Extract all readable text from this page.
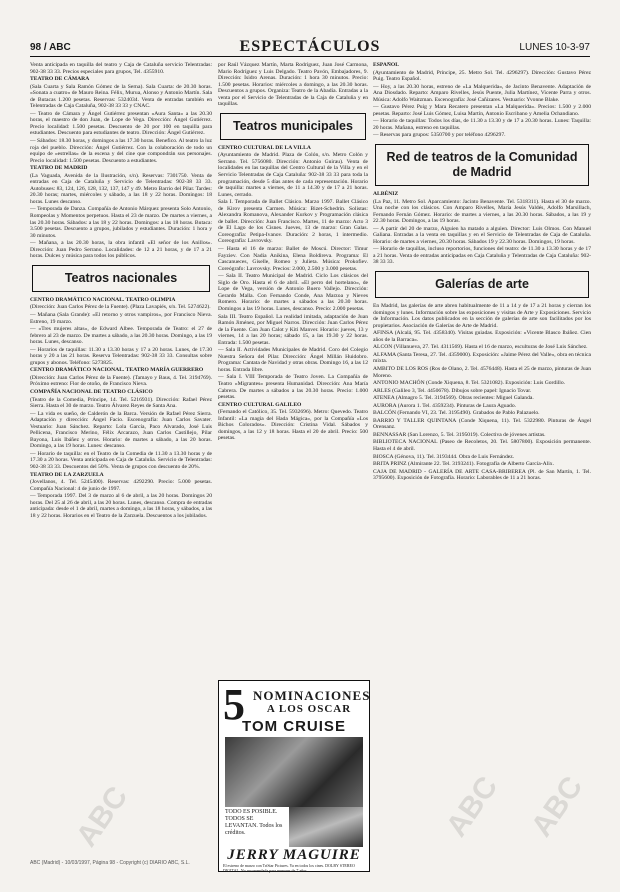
98 / ABC	ESPECTÁCULOS	LUNES 10-3-97

Venta anticipada en taquilla del teatro y Caja de Cataluña servicio Telentradas: 902-38 33 33. Precios especiales para grupos, Tel. 4355910.

TEATRO DE CÁMARA

(Sala Cuarta y Sala Ramón Gómez de la Serna). Sala Cuarta: de 20.30 horas. «Sonata a cuatro» de Mauro Reina. Félix, Murua, Alonso y Antonio Martín. Sala de Butacas 1.200 pesetas. Reservas: 5324034. Venta de entradas también en Telentradas de Caja Cataluña, 902-38 33 33 y CNAC.

— Teatro de Cámara y Ángel Gutiérrez presentan «Aura Santa» a las 20.30 horas, el maestro de don Juan, de Lope de Vega. Dirección: Ángel Gutiérrez. Precio localidad: 1.500 pesetas. Descuento de 20 por 100 en taquilla para estudiantes. Descuento para estudiantes de teatro. Dirección: Ángel Gutiérrez.

— Sábados: 18.30 horas, y domingos a las 17.30 horas. Benefico. Al teatro la luz roja del pueblo. Dirección: Ángel Gutiérrez. Con la colaboración de todo un equipo de «estrellas» de la escena y del cine que compondrán sus personajes. Precio localidad: 1.500 pesetas. Descuento a estudiantes.

TEATRO DE MADRID

(La Vaguada, Avenida de la Ilustración, s/n). Reservas: 7301750. Venta de entradas en Caja de Cataluña y Servicio de Telentradas: 902-38 33 33. Autobuses: 83, 124, 126, 128, 132, 137, 147 y 49. Metro Barrio del Pilar. Tardes: 20.30 horas; martes, miércoles y sábado, a las 18 y 22 horas. Domingos: 18 horas. Lunes descanso.

— Temporada de Danza. Compañía de Antonio Márquez presenta Solo Antonio, Rompeolas y Momentos perpetuos. Hasta el 23 de marzo. De martes a viernes, a las 20.30 horas. Sábados: a las 18 y 22 horas. Domingos: a las 18 horas. Butaca: 3.500 pesetas. Descuento a grupos, jubilados y estudiantes. Duración: 1 hora y 30 minutos.

— Mañana, a las 20.30 horas, la obra infantil «El señor de los Anillos». Dirección: Juan Pedro Serrano. Localidades: de 12 a 21 horas, y de 17 a 21 horas. Dulces y música para todos los públicos.

Teatros nacionales

CENTRO DRAMÁTICO NACIONAL. TEATRO OLIMPIA

(Dirección: Juan Carlos Pérez de la Fuente). (Plaza Lavapiés, s/n. Tel. 5274622).

— Mañana (Sala Grande): «El retorno y otros vampiros», por Francisco Nieva. Estreno, 19 marzo.

— «Tres mujeres altas», de Edward Albee. Temporada de Teatro: el 27 de febrero al 23 de marzo. De martes a sábado, a las 20.30 horas. Domingo, a las 19 horas. Lunes, descanso.

— Horarios de taquillas: 11.30 a 13.30 horas y 17 a 20 horas. Lunes, de 17.30 horas y 20 a las 21 horas. Reserva Telentradas: 902-38 33 33. Consultas sobre grupos y abonos. Teléfono: 5273825.

CENTRO DRAMÁTICO NACIONAL. TEATRO MARÍA GUERRERO

(Dirección: Juan Carlos Pérez de la Fuente). (Tamayo y Baus, 4. Tel. 3194769). Próximo estreno: Flor de otoño, de Francisco Nieva.

COMPAÑÍA NACIONAL DE TEATRO CLÁSICO

(Teatro de la Comedia, Príncipe, 14. Tel. 5216931). Dirección: Rafael Pérez Sierra. Hasta el 30 de marzo. Teatro Álvarez Reyes de Santa Ana.

— La vida es sueño, de Calderón de la Barca. Versión de Rafael Pérez Sierra. Adaptación y dirección: Ángel Facio. Escenografía: Juan Carlos Savater. Vestuario: Juan Sánchez. Reparto: Lola García, Paco Alvarado, José Luis Pellicena, Francisco Merino, Félix Arcarazo, Juan Carlos Castillejo, Pilar Bayona, Luis Ibáñez y otros. Horario: de martes a sábado, a las 20 horas. Domingo, a las 19 horas. Lunes: descanso.

— Horario de taquilla: en el Teatro de la Comedia de 11.30 a 13.30 horas y de 17.30 a 20 horas. Venta anticipada en Caja de Cataluña. Servicio de Telentradas: 902-38 33 33. Descuentos del 50%. Venta de grupos con descuento de 20%.

TEATRO DE LA ZARZUELA

(Jovellanos, 4. Tel. 5245400). Reservas: 4292290. Precio: 5.000 pesetas. Compañía Nacional: 4 de junio de 1997.

— Temporada 1997. Del 3 de marzo al 6 de abril, a las 20 horas. Domingos 20 horas. Del 25 al 26 de abril, a las 20 horas. Lunes, descanso. Compra de entradas anticipada: desde el 1 de abril, martes a domingo, a las 18 horas, y sábados, a las 18 y 22 horas. Horarios en el Teatro de la Zarzuela. Descuentos a los jubilados.

por Raúl Vázquez Martín, Marta Rodríguez, Juan José Carmona, Mario Rodríguez y Luis Delgado. Teatro Pavón, Embajadores, 9. Dirección: Isidro Arenas. Duración: 1 hora 30 minutos. Precio: 1.500 pesetas. Horarios: miércoles a domingo, a las 20.30 horas. Descuentos a grupos. Organiza: Teatro de la Abadía. Entradas a la venta por el Servicio de Telentradas de la Caja de Cataluña y en taquillas.

Teatros municipales

CENTRO CULTURAL DE LA VILLA

(Ayuntamiento de Madrid. Plaza de Colón, s/n. Metro Colón y Serrano. Tel. 5756080. Dirección: Antonio Guirau). Venta de localidades en las taquillas del Centro Cultural de la Villa y en el Servicio Telentradas de Caja Cataluña: 902-38 33 33 para toda la programación, desde 5 días antes de cada representación. Horario de taquilla: martes a viernes, de 11 a 14.30 y de 17 a 21 horas. Lunes, cerrado.

Sala I. Temporada de Ballet Clásico. Marzo 1997. Ballet Clásico de Kirov presenta Carmen. Música: Bizet-Schedrin. Solistas: Alexandra Romanova, Alexander Kurkov y Programación clásica de ballet. Dirección: Juan Francisco. Martes, 11 de marzo: Acto 3 de El Lago de los Cisnes. Jueves, 13 de marzo: Gran Galas. Coreografía: Petipa-Ivanov. Duración: 2 horas, 1 intermedio. Coreografía: Lavrovsky.

— Hasta el 16 de marzo: Ballet de Moscú. Director: Timur Fayziev. Con Nadia Anikina, Elena Boldireva. Programa: El Cascanueces, Giselle, Romeo y Julieta. Música: Prokofiev. Coreógrafo: Lavrovsky. Precios: 2.000, 2.500 y 3.000 pesetas.

— Sala II. Teatro Municipal de Madrid. Ciclo Los clásicos del Siglo de Oro. Hasta el 6 de abril. «El perro del hortelano», de Lope de Vega, versión de Antonio Buero Vallejo. Dirección: Gerardo Malla. Con Fernando Conde, Ana Marzoa y Nieves Romero. Horario: de martes a sábados a las 20.30 horas. Domingos a las 19 horas. Lunes, descanso. Precio: 2.000 pesetas.

Sala III. Teatro Español. La realidad imitada, adaptación de Juan Ramón Jiménez, por Miguel Narros. Dirección: Juan Carlos Pérez de la Fuente. Con Juan Calot y Kiti Manver. Horario: jueves, 13 y viernes, 14 a las 20 horas; sábado 15, a las 19.30 y 22 horas. Entrada: 1.500 pesetas.

— Sala II. Actividades Municipales de Madrid. Coro del Colegio Nuestra Señora del Pilar. Dirección: Ángel Millán Huidobro. Programa: Cantata de Navidad y otras obras. Domingo 16, a las 12 horas. Entrada libre.

— Sala I. VIII Temporada de Teatro Joven. La Compañía de Teatro «Migrantes» presenta Humanidad. Dirección: Ana María Cabrera. De martes a sábados a las 20.30 horas. Precio: 1.000 pesetas.

CENTRO CULTURAL GALILEO

(Fernando el Católico, 35. Tel. 5932696). Metro: Quevedo. Teatro Infantil: «La magia del Hada Mágica», por la Compañía «Los Bichos Colorados». Dirección: Cristina Vidal. Sábados y domingos, a las 12 y 18 horas. Hasta el 20 de abril. Precio: 500 pesetas.

5 NOMINACIONES
A LOS OSCAR
TOM CRUISE
TODO ES POSIBLE. TODOS SE LEVANTAN. Todos los créditos.
JERRY MAGUIRE
El estreno de marzo con TriStar Pictures. Ya en todos los cines. DOLBY STEREO DIGITAL. No recomendada para menores de 7 años.

ESPAÑOL

(Ayuntamiento de Madrid, Príncipe, 25. Metro Sol. Tel. 4296297). Dirección: Gustavo Pérez Puig. Teatro Español.

— Hoy, a las 20.30 horas, estreno de «La Malquerida», de Jacinto Benavente. Adaptación de Ana Diosdado. Reparto: Amparo Rivelles, Jesús Puente, Julia Martínez, Vicente Parra y otros. Música: Adolfo Waitzman. Escenografía: José Cañizares. Vestuario: Yvonne Blake.

— Gustavo Pérez Puig y Mara Recatero presentan «La Malquerida». Precios: 1.500 y 2.000 pesetas. Reparto: José Luis Gómez, Luisa Martín, Antonio Escribano y Amelia Ochandiano.

— Horario de taquillas: Todos los días, de 11.30 a 13.30 y de 17 a 20.30 horas. Lunes: Taquilla: 20 horas. Mañana, estreno en taquillas.

— Reservas para grupos: 5350700 y por teléfono 4296297.

Red de teatros de la Comunidad de Madrid

ALBÉNIZ

(La Paz, 11. Metro Sol. Aparcamiento: Jacinto Benavente. Tel. 5318311). Hasta el 30 de marzo. Una noche con los clásicos. Con Amparo Rivelles, María Jesús Valdés, Adolfo Marsillach, Fernando Fernán Gómez. Horario: de martes a viernes, a las 20.30 horas. Sábados, a las 19 y 22.30 horas. Domingos, a las 19 horas.

— A partir del 20 de marzo, Alguien ha matado a alguien. Director: Luis Olmos. Con Manuel Galiana. Entradas a la venta en taquillas y en el Servicio de Telentradas de Caja de Cataluña. Horario: de martes a viernes, 20.30 horas. Sábados 19 y 22.30 horas. Domingos, 19 horas.

— Horario de taquillas, incluso reportorios, funciones del teatro: de 11.30 a 13.30 horas y de 17 a 21 horas. Venta de entradas anticipadas en Caja Cataluña y Telentradas de Caja Cataluña: 902-38 33 33.

Galerías de arte

En Madrid, las galerías de arte abren habitualmente de 11 a 14 y de 17 a 21 horas y cierran los domingos y lunes. Información sobre las exposiciones y visitas de Arte y Exposiciones. Servicio de Información. Los datos publicados en la sección de galerías de arte son facilitados por los propietarios. Asociación de Galerías de Arte de Madrid.

AFINSA (Alcalá, 95. Tel. 4358340). Visitas guiadas. Exposición: «Vicente Blasco Ibáñez. Cien años de la Barraca».

ALCON (Villanueva, 27. Tel. 4311569). Hasta el 16 de marzo, esculturas de José Luis Sánchez.

ALFAMA (Santa Teresa, 27. Tel. 4359000). Exposición: «Jaime Pérez del Valle», obra en técnica mixta.

AMBITO DE LOS ROS (Ros de Olano, 2. Tel. 4576448). Hasta el 25 de marzo, pinturas de Juan Moreno.

ANTONIO MACHÓN (Conde Xiquena, 8. Tel. 5321082). Exposición: Luis Gordillo.

ARLES (Galileo 3, Tel. 4450678). Dibujos sobre papel: Ignacio Tovar.

ATENEA (Almagro 5. Tel. 3194569). Obras recientes: Miguel Galanda.

AURORA (Aurora 1. Tel. 4359234). Pinturas de Laura Aguado.

BALCÓN (Fernando VI, 23. Tel. 3195490). Grabados de Pablo Palazuelo.

BARRIO Y TALLER QUINTANA (Conde Xiquena, 11). Tel. 5322980. Pinturas de Ángel Orensanz.

BENNASSAR (San Lorenzo, 5. Tel. 3195019). Colectiva de jóvenes artistas.

BIBLIOTECA NACIONAL (Paseo de Recoletos, 20. Tel. 5807800). Exposición permanente. Hasta el 4 de abril.

BIOSCA (Génova, 11). Tel. 3193444. Obra de Luis Fernández.

BRITA PRINZ (Almirante 22. Tel. 3193241). Fotografía de Alberto García-Alix.

CAJA DE MADRID - GALERÍA DE ARTE CASA-BRIBEREA (Pl. de San Martín, 1. Tel. 3795600). Exposición de Fotografía. Horario: Laborables de 11 a 21 horas.

ABC (Madrid) - 10/03/1997, Página 98 - Copyright (c) DIARIO ABC, S.L.
ABC ABC
ABC
